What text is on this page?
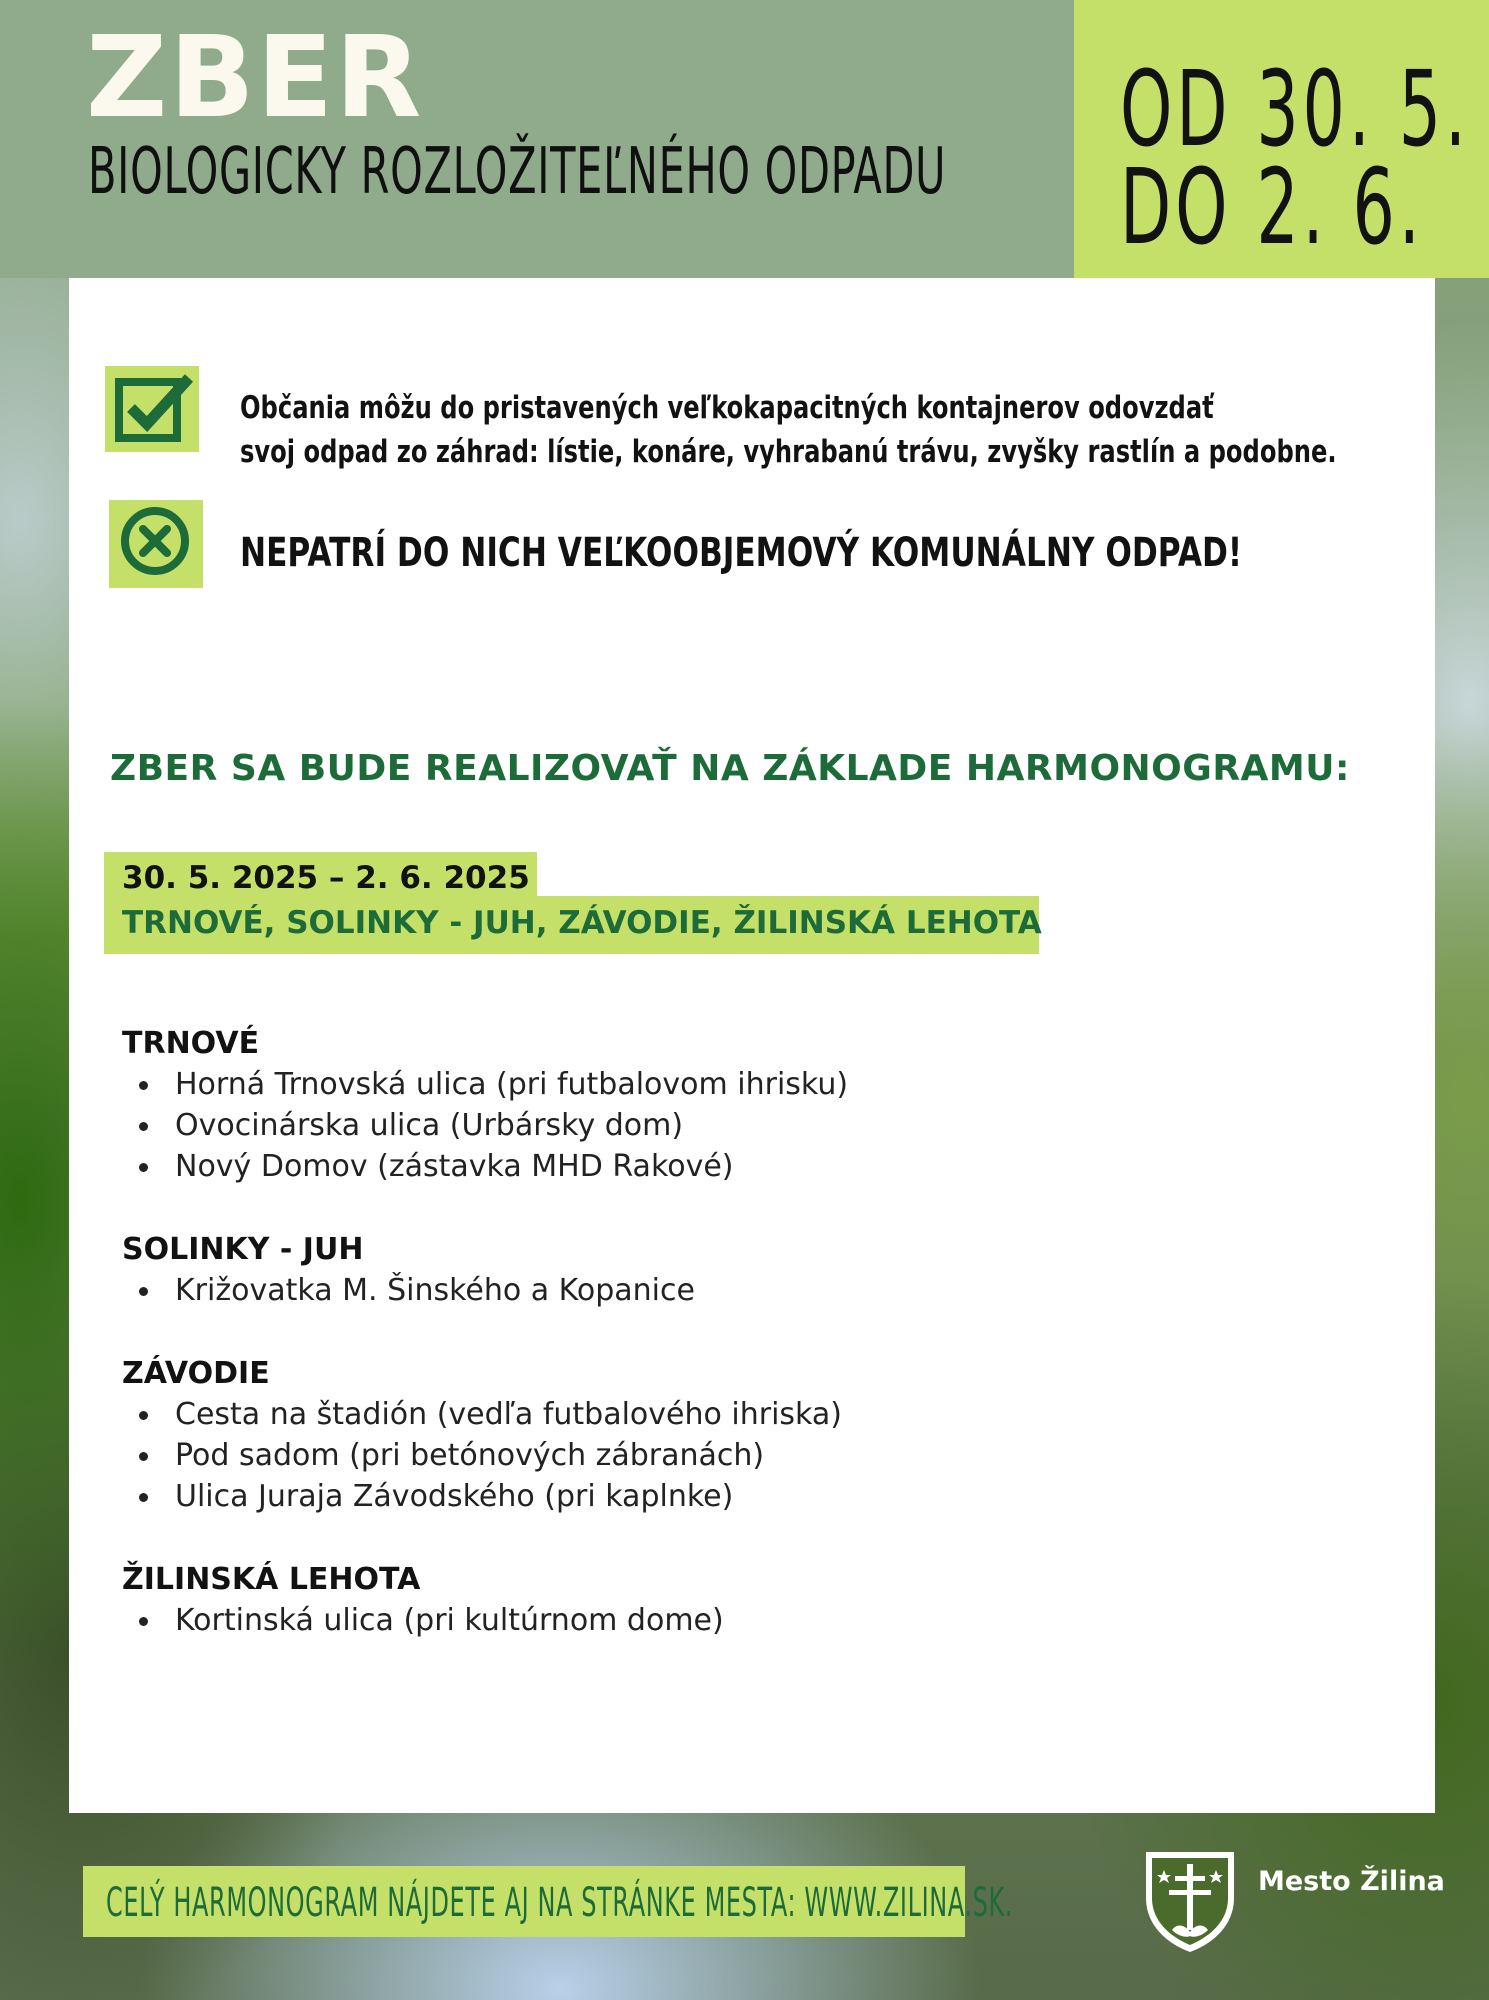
ZBER
BIOLOGICKY ROZLOŽITEĽNÉHO ODPADU
OD 30. 5.
DO 2. 6.
Občania môžu do pristavených veľkokapacitných kontajnerov odovzdať
svoj odpad zo záhrad: lístie, konáre, vyhrabanú trávu, zvyšky rastlín a podobne.
NEPATRÍ DO NICH VEĽKOOBJEMOVÝ KOMUNÁLNY ODPAD!
ZBER SA BUDE REALIZOVAŤ NA ZÁKLADE HARMONOGRAMU:
30. 5. 2025 – 2. 6. 2025
TRNOVÉ, SOLINKY - JUH, ZÁVODIE, ŽILINSKÁ LEHOTA
TRNOVÉ
Horná Trnovská ulica (pri futbalovom ihrisku)
Ovocinárska ulica (Urbársky dom)
Nový Domov (zástavka MHD Rakové)
SOLINKY - JUH
Križovatka M. Šinského a Kopanice
ZÁVODIE
Cesta na štadión (vedľa futbalového ihriska)
Pod sadom (pri betónových zábranách)
Ulica Juraja Závodského (pri kaplnke)
ŽILINSKÁ LEHOTA
Kortinská ulica (pri kultúrnom dome)
CELÝ HARMONOGRAM NÁJDETE AJ NA STRÁNKE MESTA: WWW.ZILINA.SK.	Mesto Žilina
